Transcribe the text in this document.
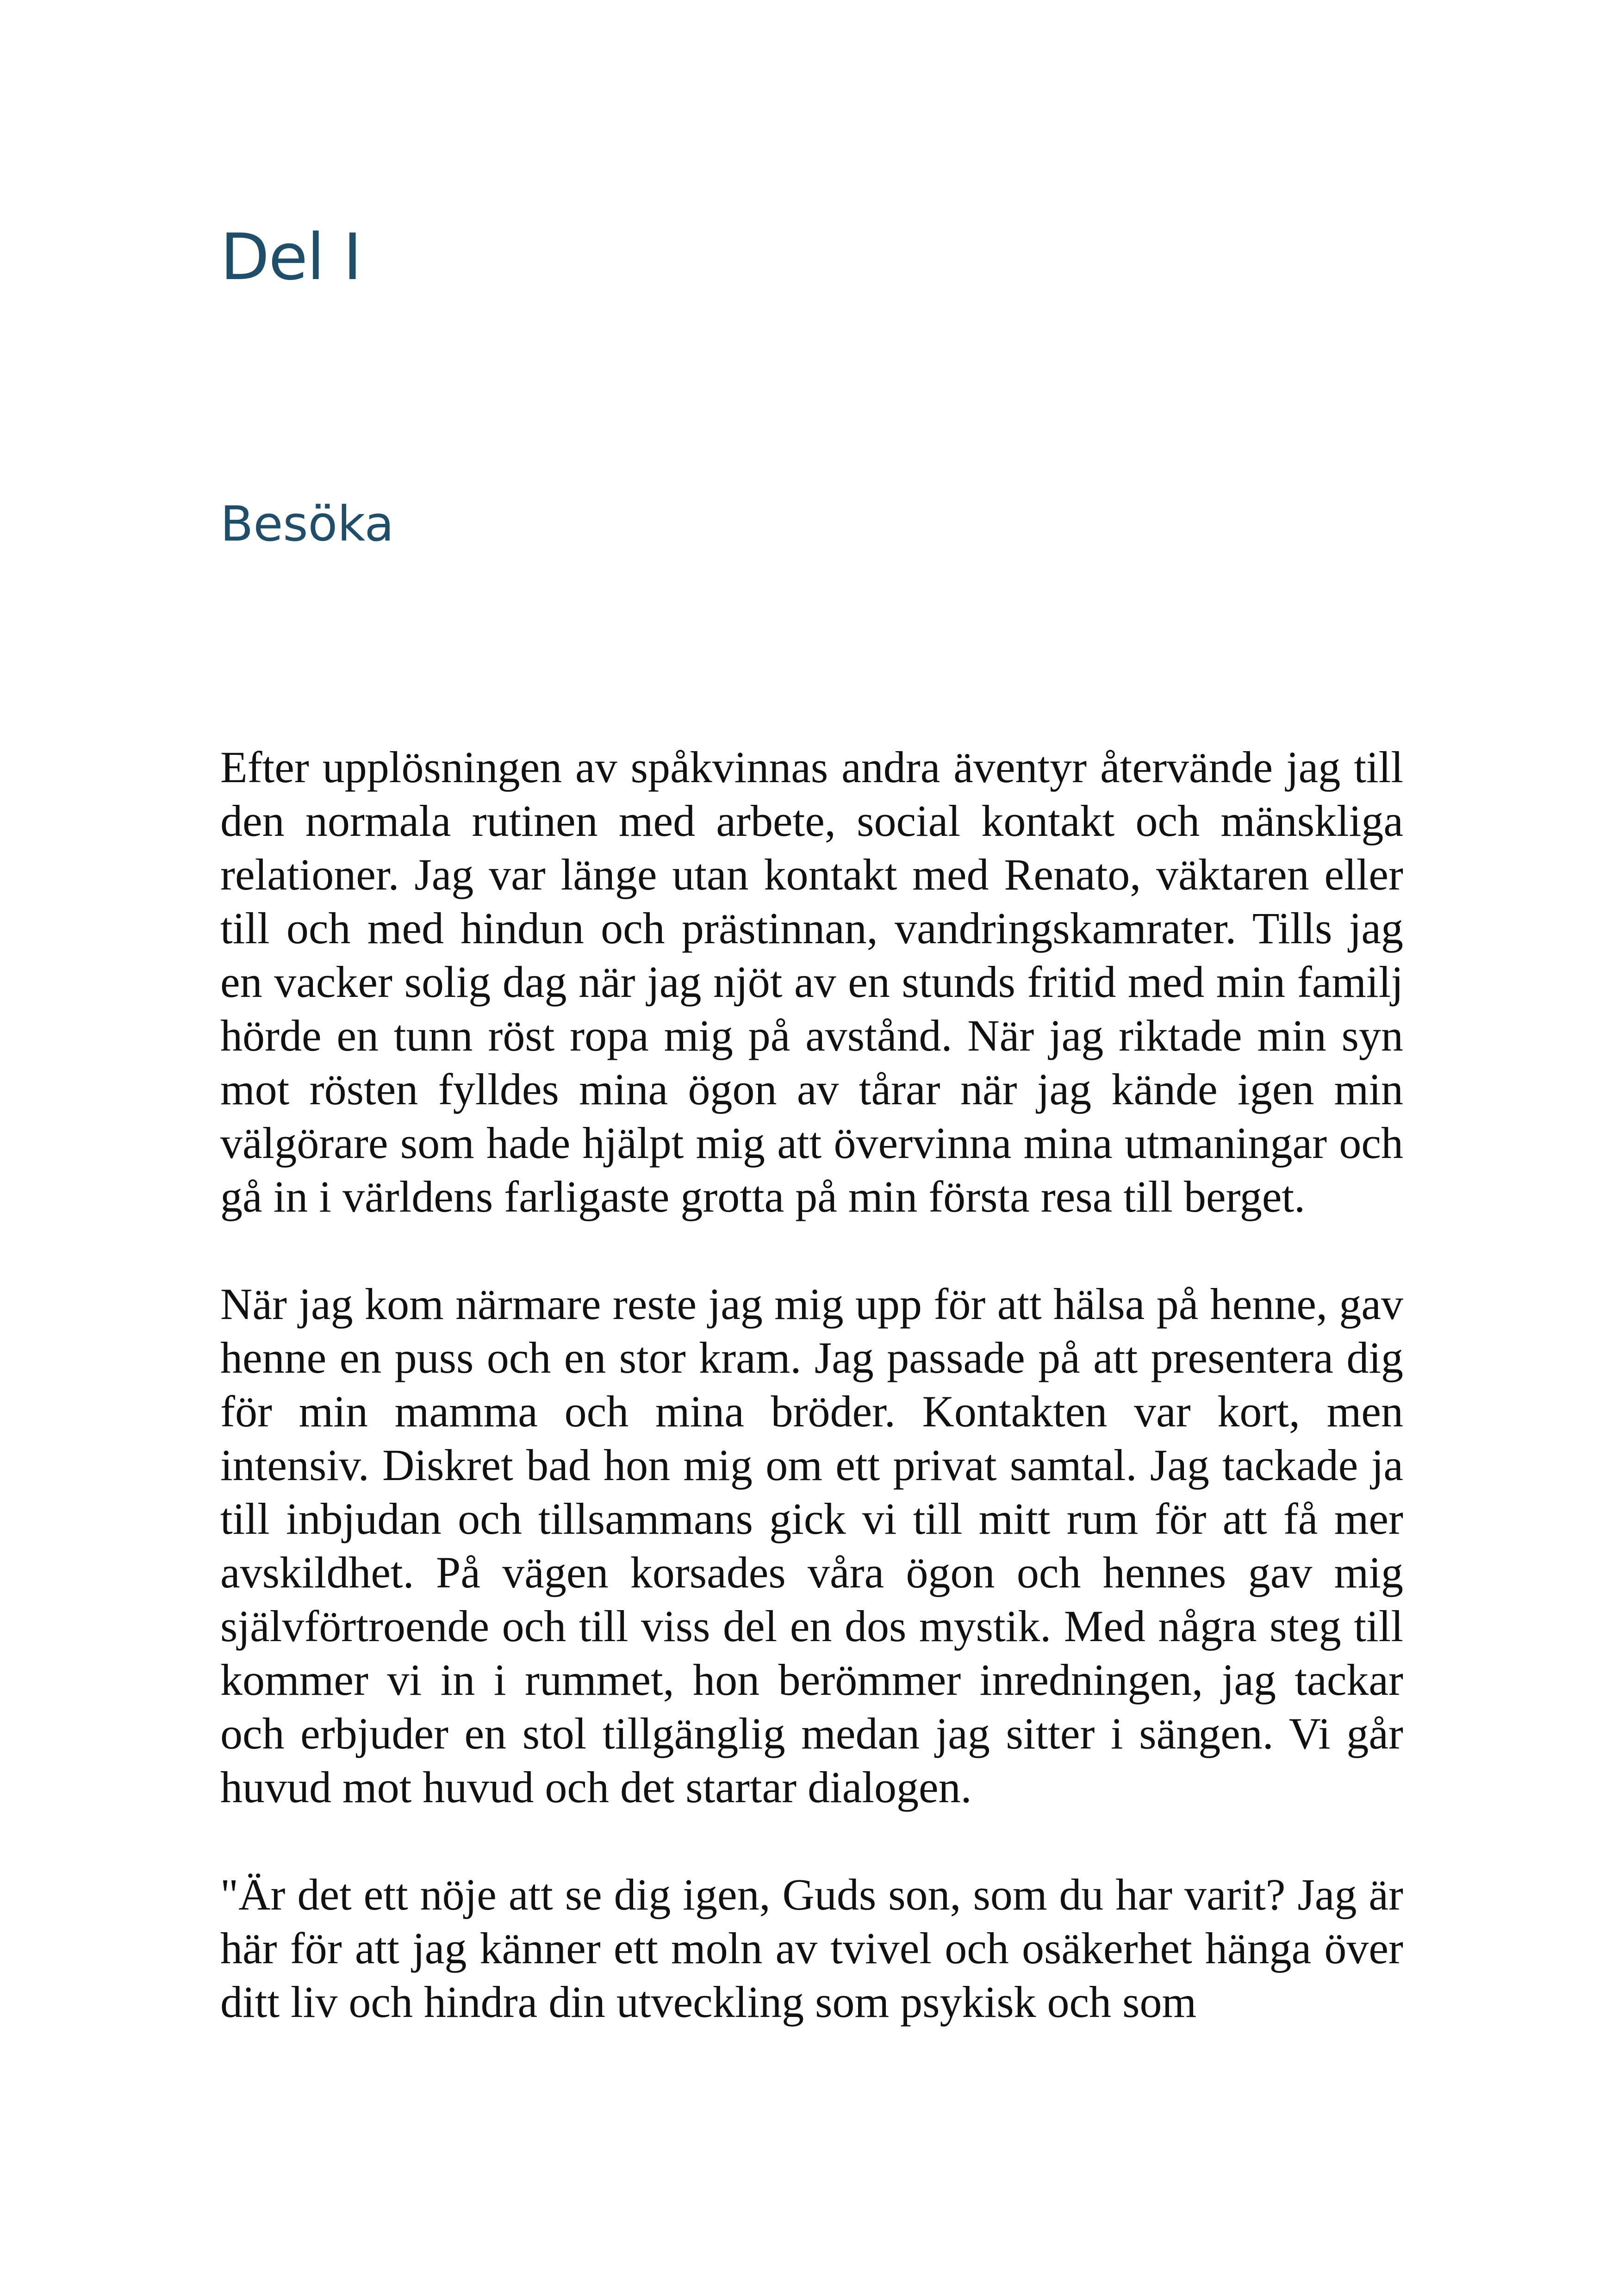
Del I
Besöka

Efter upplösningen av spåkvinnas andra äventyr återvände jag till den normala rutinen med arbete, social kontakt och mänskliga relationer. Jag var länge utan kontakt med Renato, väktaren eller till och med hindun och prästinnan, vandringskamrater. Tills jag en vacker solig dag när jag njöt av en stunds fritid med min familj hörde en tunn röst ropa mig på avstånd. När jag riktade min syn mot rösten fylldes mina ögon av tårar när jag kände igen min välgörare som hade hjälpt mig att övervinna mina utmaningar och gå in i världens farligaste grotta på min första resa till berget.

När jag kom närmare reste jag mig upp för att hälsa på henne, gav henne en puss och en stor kram. Jag passade på att presentera dig för min mamma och mina bröder. Kontakten var kort, men intensiv. Diskret bad hon mig om ett privat samtal. Jag tackade ja till inbjudan och tillsammans gick vi till mitt rum för att få mer avskildhet. På vägen korsades våra ögon och hennes gav mig självförtroende och till viss del en dos mystik. Med några steg till kommer vi in i rummet, hon berömmer inredningen, jag tackar och erbjuder en stol tillgänglig medan jag sitter i sängen. Vi går huvud mot huvud och det startar dialogen.

"Är det ett nöje att se dig igen, Guds son, som du har varit? Jag är här för att jag känner ett moln av tvivel och osäkerhet hänga över ditt liv och hindra din utveckling som psykisk och som
